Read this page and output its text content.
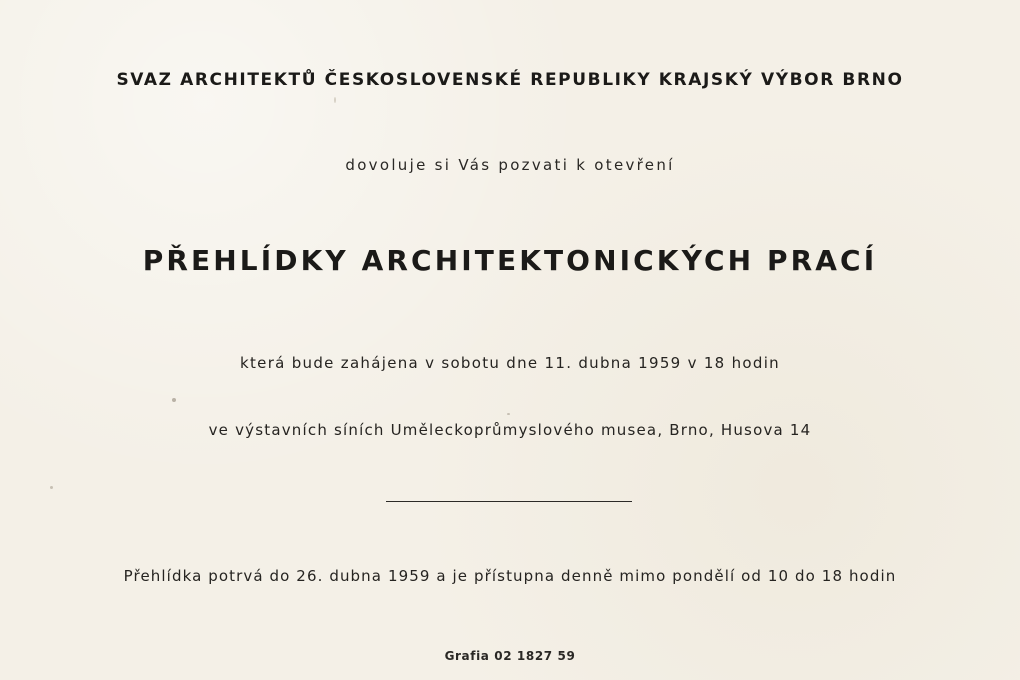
SVAZ ARCHITEKTŮ ČESKOSLOVENSKÉ REPUBLIKY KRAJSKÝ VÝBOR BRNO
dovoluje si Vás pozvati k otevření
PŘEHLÍDKY ARCHITEKTONICKÝCH PRACÍ
která bude zahájena v sobotu dne 11. dubna 1959 v 18 hodin
ve výstavních síních Uměleckoprůmyslového musea, Brno, Husova 14
Přehlídka potrvá do 26. dubna 1959 a je přístupna denně mimo pondělí od 10 do 18 hodin
Grafia 02 1827 59
